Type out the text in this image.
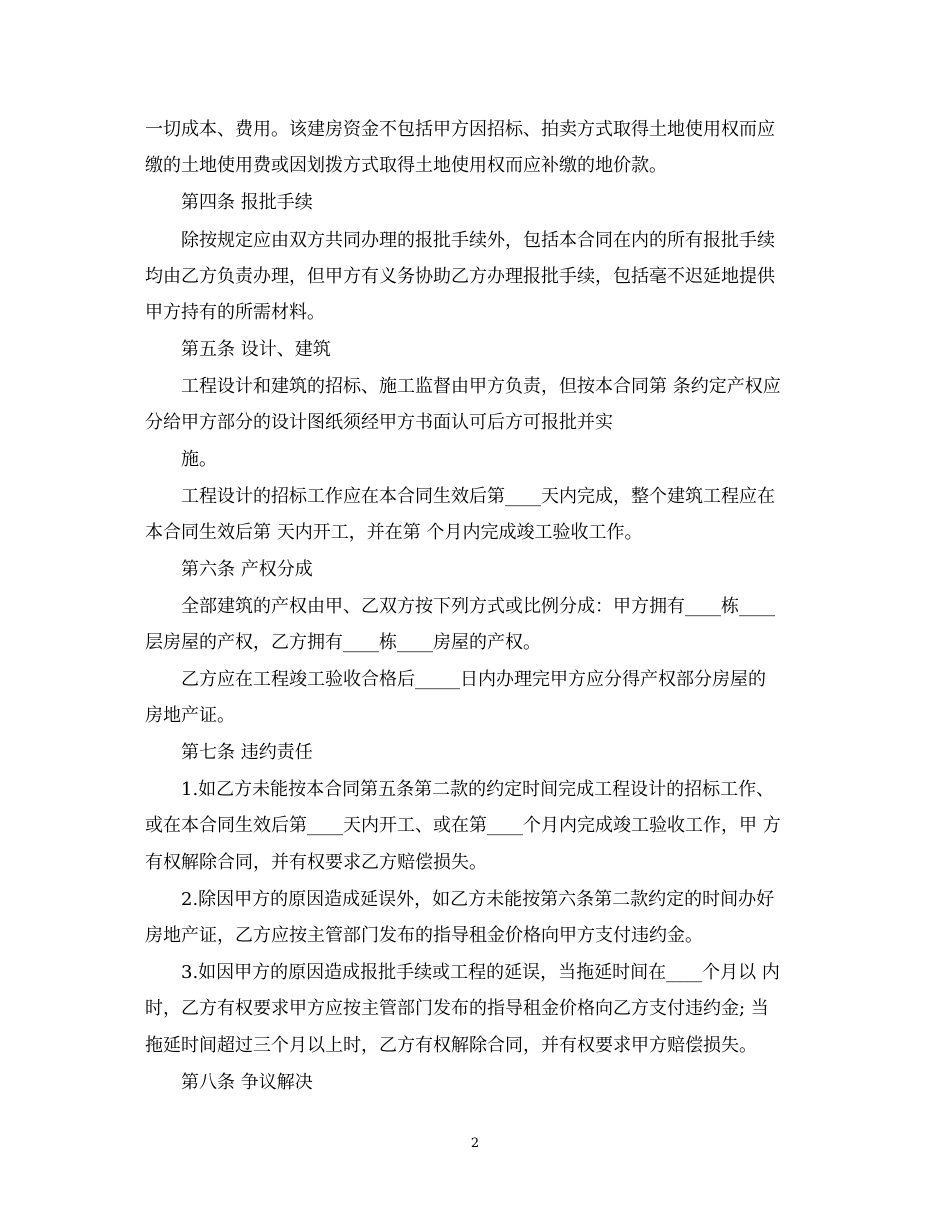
一切成本、费用。该建房资金不包括甲方因招标、拍卖方式取得土地使用权而应
缴的土地使用费或因划拨方式取得土地使用权而应补缴的地价款。
第四条 报批手续
除按规定应由双方共同办理的报批手续外，包括本合同在内的所有报批手续
均由乙方负责办理，但甲方有义务协助乙方办理报批手续，包括毫不迟延地提供
甲方持有的所需材料。
第五条 设计、建筑
工程设计和建筑的招标、施工监督由甲方负责，但按本合同第 条约定产权应
分给甲方部分的设计图纸须经甲方书面认可后方可报批并实
施。
工程设计的招标工作应在本合同生效后第____天内完成，整个建筑工程应在
本合同生效后第 天内开工，并在第 个月内完成竣工验收工作。
第六条 产权分成
全部建筑的产权由甲、乙双方按下列方式或比例分成：甲方拥有____栋____
层房屋的产权，乙方拥有____栋____房屋的产权。
乙方应在工程竣工验收合格后_____日内办理完甲方应分得产权部分房屋的
房地产证。
第七条 违约责任
1.如乙方未能按本合同第五条第二款的约定时间完成工程设计的招标工作、
或在本合同生效后第____天内开工、或在第____个月内完成竣工验收工作，甲 方
有权解除合同，并有权要求乙方赔偿损失。
2.除因甲方的原因造成延误外，如乙方未能按第六条第二款约定的时间办好
房地产证，乙方应按主管部门发布的指导租金价格向甲方支付违约金。
3.如因甲方的原因造成报批手续或工程的延误，当拖延时间在____个月以 内
时，乙方有权要求甲方应按主管部门发布的指导租金价格向乙方支付违约金; 当
拖延时间超过三个月以上时，乙方有权解除合同，并有权要求甲方赔偿损失。
第八条 争议解决
2
